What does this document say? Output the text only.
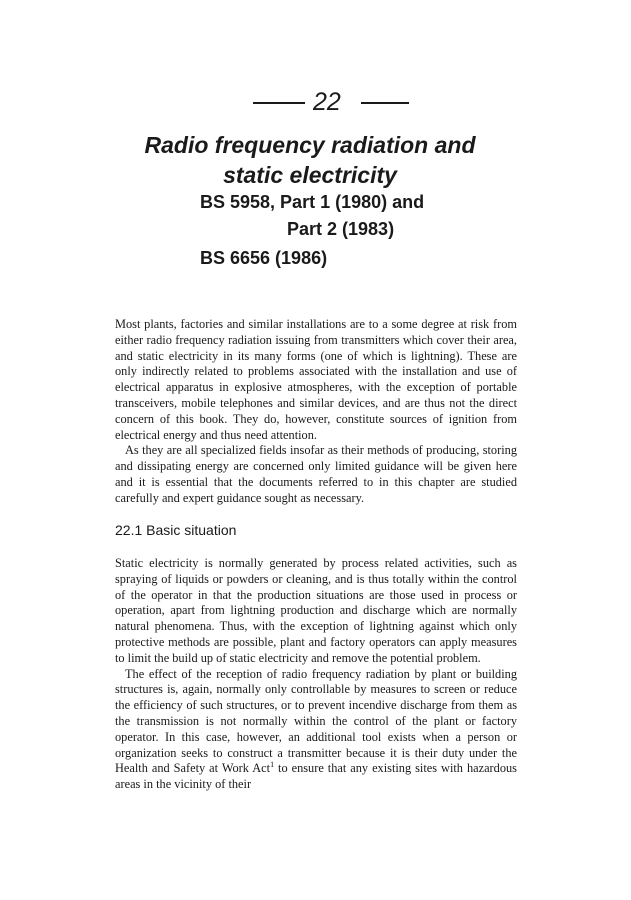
22
Radio frequency radiation and static electricity
BS 5958, Part 1 (1980) and
Part 2 (1983)
BS 6656 (1986)

Most plants, factories and similar installations are to a some degree at risk from either radio frequency radiation issuing from transmitters which cover their area, and static electricity in its many forms (one of which is lightning). These are only indirectly related to problems associated with the installation and use of electrical apparatus in explosive atmospheres, with the exception of portable transceivers, mobile telephones and similar devices, and are thus not the direct concern of this book. They do, however, constitute sources of ignition from electrical energy and thus need attention.

As they are all specialized fields insofar as their methods of producing, storing and dissipating energy are concerned only limited guidance will be given here and it is essential that the documents referred to in this chapter are studied carefully and expert guidance sought as necessary.

22.1 Basic situation

Static electricity is normally generated by process related activities, such as spraying of liquids or powders or cleaning, and is thus totally within the control of the operator in that the production situations are those used in process or operation, apart from lightning production and discharge which are normally natural phenomena. Thus, with the exception of lightning against which only protective methods are possible, plant and factory operators can apply measures to limit the build up of static electricity and remove the potential problem.

The effect of the reception of radio frequency radiation by plant or building structures is, again, normally only controllable by measures to screen or reduce the efficiency of such structures, or to prevent incendive discharge from them as the transmission is not normally within the control of the plant or factory operator. In this case, however, an additional tool exists when a person or organization seeks to construct a transmitter because it is their duty under the Health and Safety at Work Act$^1$ to ensure that any existing sites with hazardous areas in the vicinity of their
